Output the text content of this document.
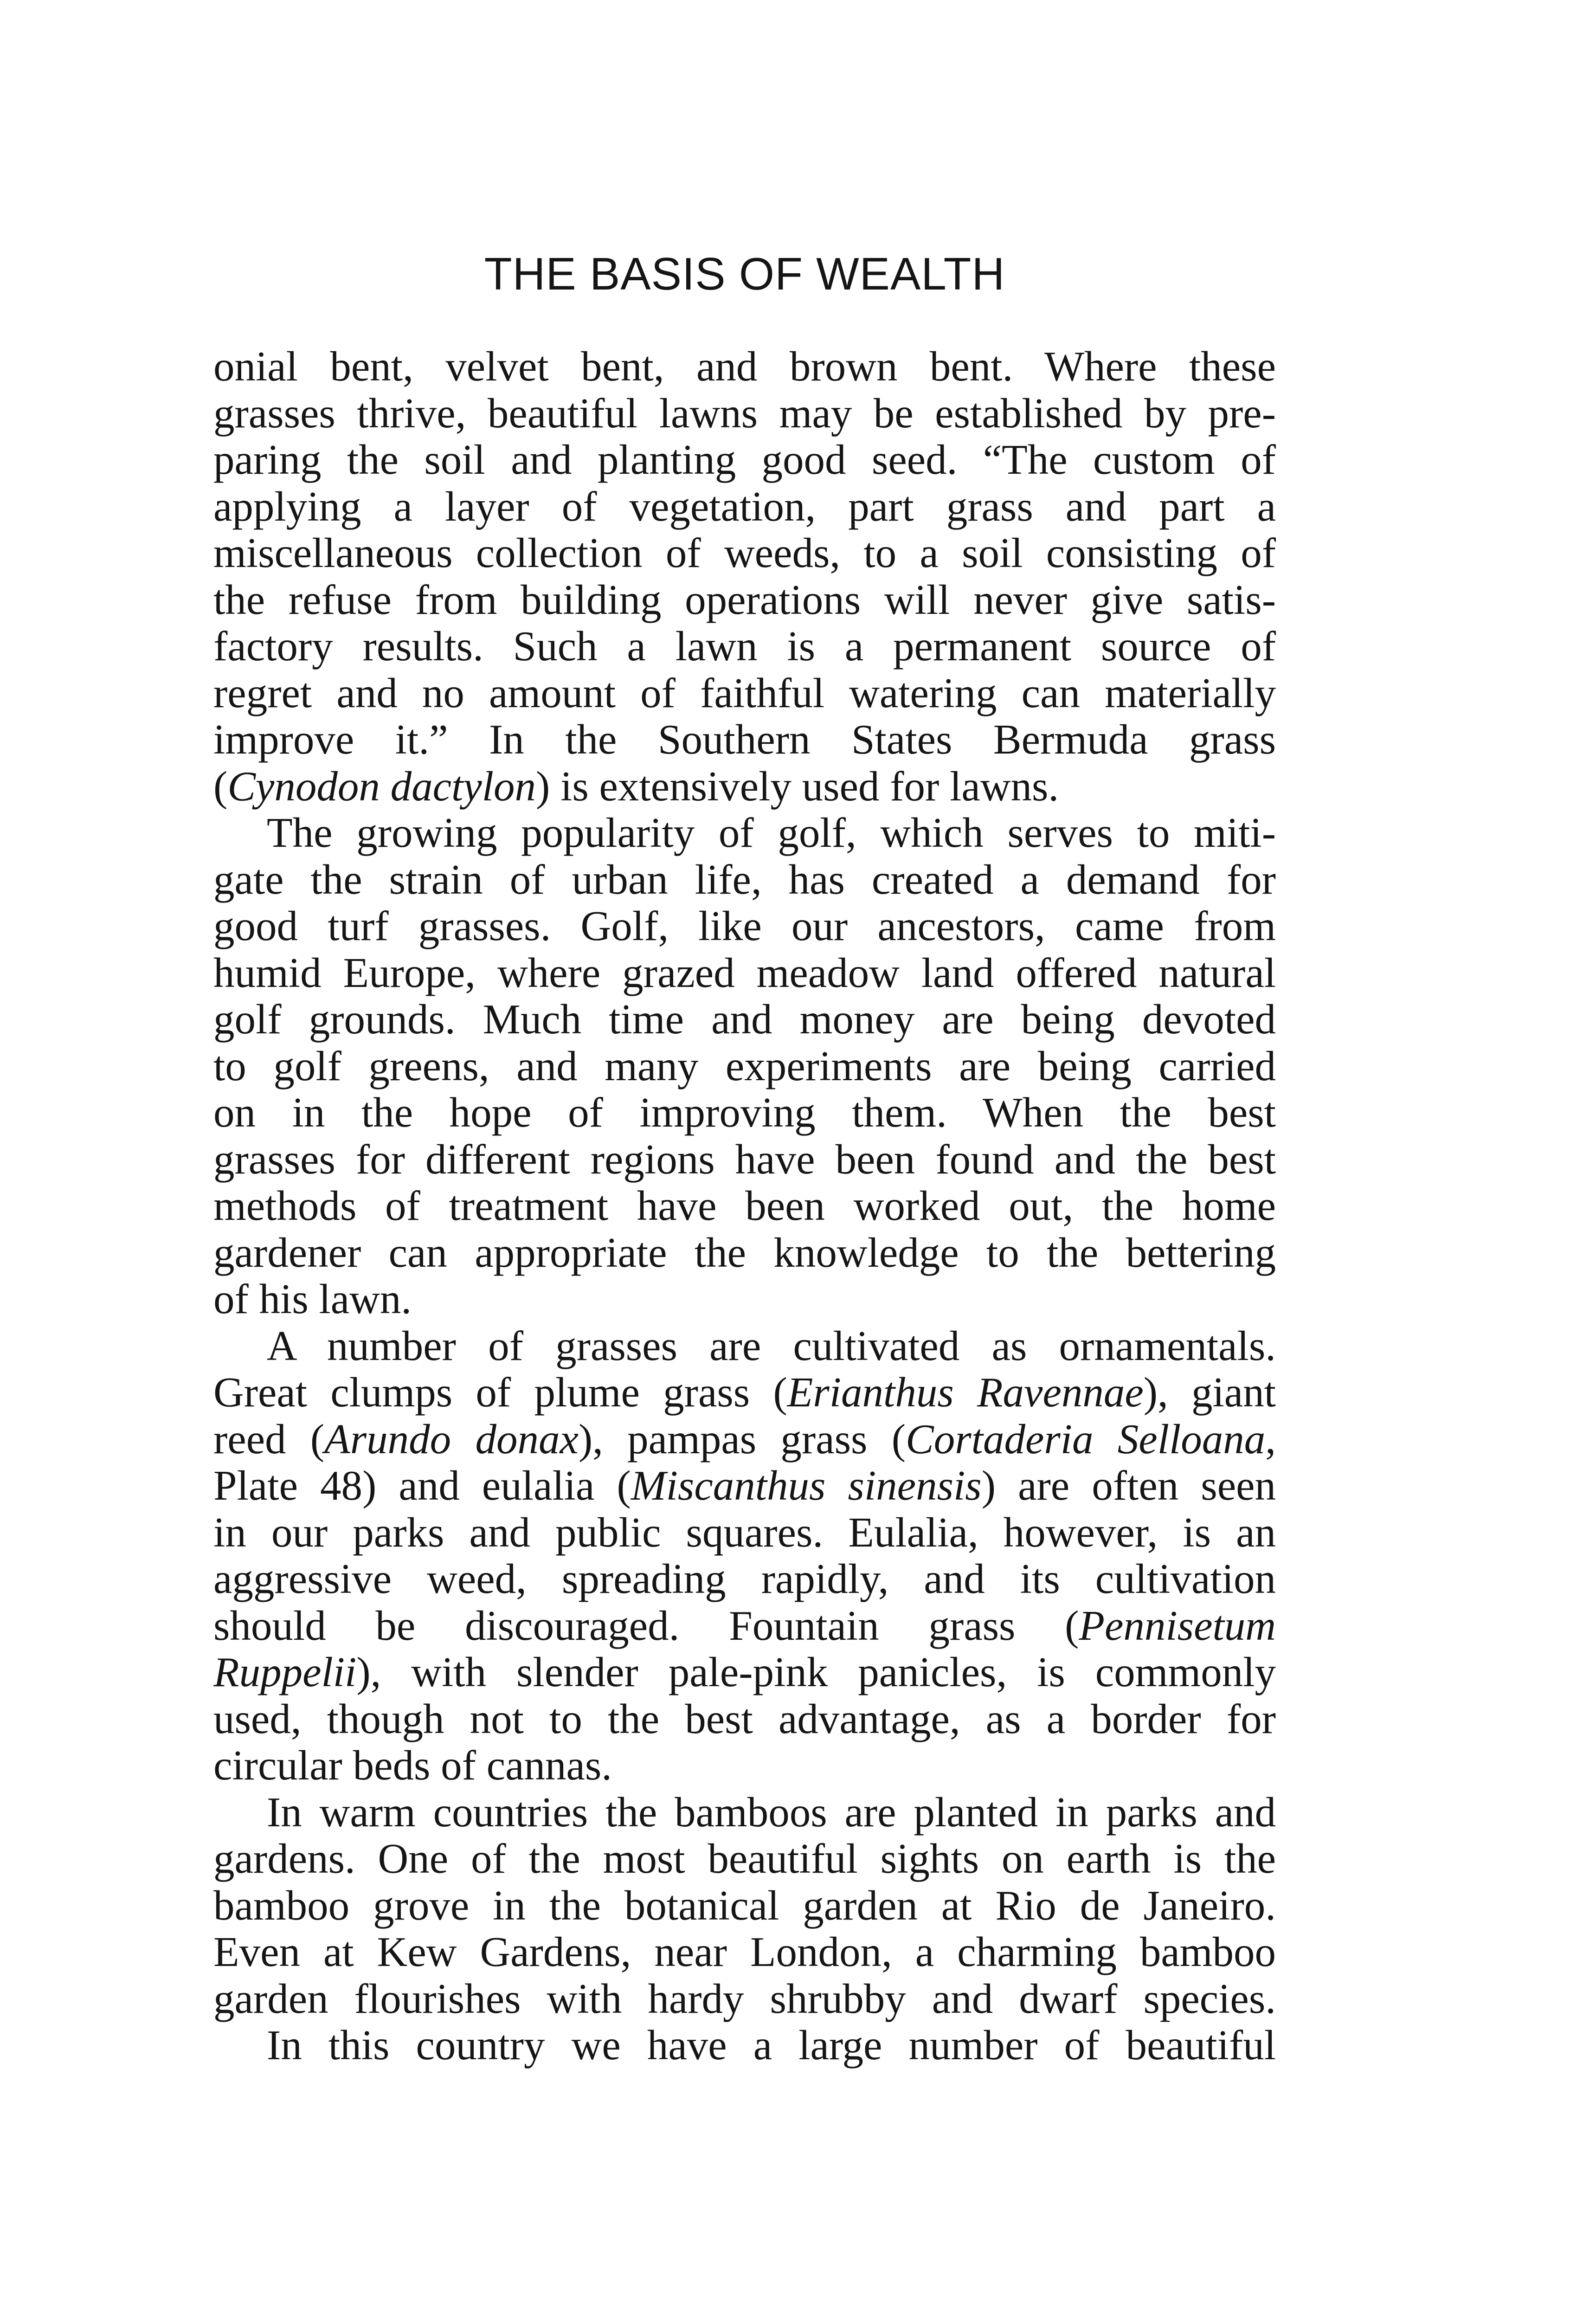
THE BASIS OF WEALTH
onial bent, velvet bent, and brown bent. Where these
grasses thrive, beautiful lawns may be established by pre-
paring the soil and planting good seed. “The custom of
applying a layer of vegetation, part grass and part a
miscellaneous collection of weeds, to a soil consisting of
the refuse from building operations will never give satis-
factory results. Such a lawn is a permanent source of
regret and no amount of faithful watering can materially
improve it.” In the Southern States Bermuda grass
(Cynodon dactylon) is extensively used for lawns.
The growing popularity of golf, which serves to miti-
gate the strain of urban life, has created a demand for
good turf grasses. Golf, like our ancestors, came from
humid Europe, where grazed meadow land offered natural
golf grounds. Much time and money are being devoted
to golf greens, and many experiments are being carried
on in the hope of improving them. When the best
grasses for different regions have been found and the best
methods of treatment have been worked out, the home
gardener can appropriate the knowledge to the bettering
of his lawn.
A number of grasses are cultivated as ornamentals.
Great clumps of plume grass (Erianthus Ravennae), giant
reed (Arundo donax), pampas grass (Cortaderia Selloana,
Plate 48) and eulalia (Miscanthus sinensis) are often seen
in our parks and public squares. Eulalia, however, is an
aggressive weed, spreading rapidly, and its cultivation
should be discouraged. Fountain grass (Pennisetum
Ruppelii), with slender pale-pink panicles, is commonly
used, though not to the best advantage, as a border for
circular beds of cannas.
In warm countries the bamboos are planted in parks and
gardens. One of the most beautiful sights on earth is the
bamboo grove in the botanical garden at Rio de Janeiro.
Even at Kew Gardens, near London, a charming bamboo
garden flourishes with hardy shrubby and dwarf species.
In this country we have a large number of beautiful
